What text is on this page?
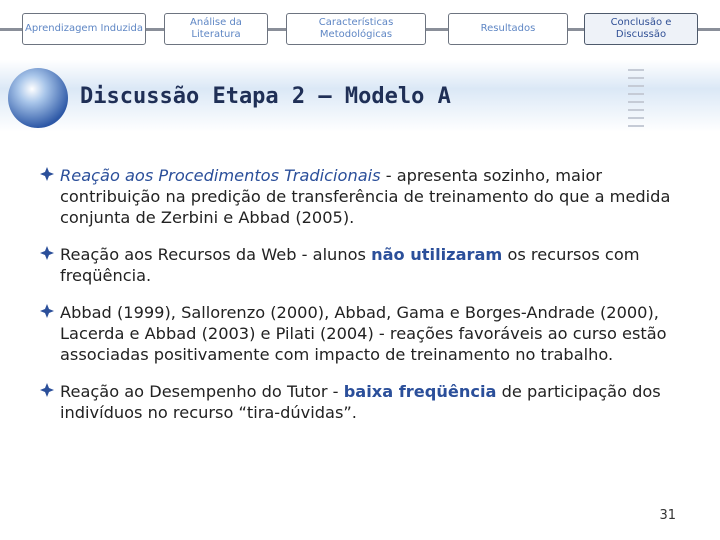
Aprendizagem Induzida
Análise da Literatura
Características Metodológicas
Resultados
Conclusão e Discussão
Discussão Etapa 2 – Modelo A
Reação aos Procedimentos Tradicionais - apresenta sozinho, maior contribuição na predição de transferência de treinamento do que a medida conjunta de Zerbini e Abbad (2005).
Reação aos Recursos da Web - alunos não utilizaram os recursos com freqüência.
Abbad (1999), Sallorenzo (2000), Abbad, Gama e Borges-Andrade (2000), Lacerda e Abbad (2003) e Pilati (2004) - reações favoráveis ao curso estão associadas positivamente com impacto de treinamento no trabalho.
Reação ao Desempenho do Tutor - baixa freqüência de participação dos indivíduos no recurso “tira-dúvidas”.
31
